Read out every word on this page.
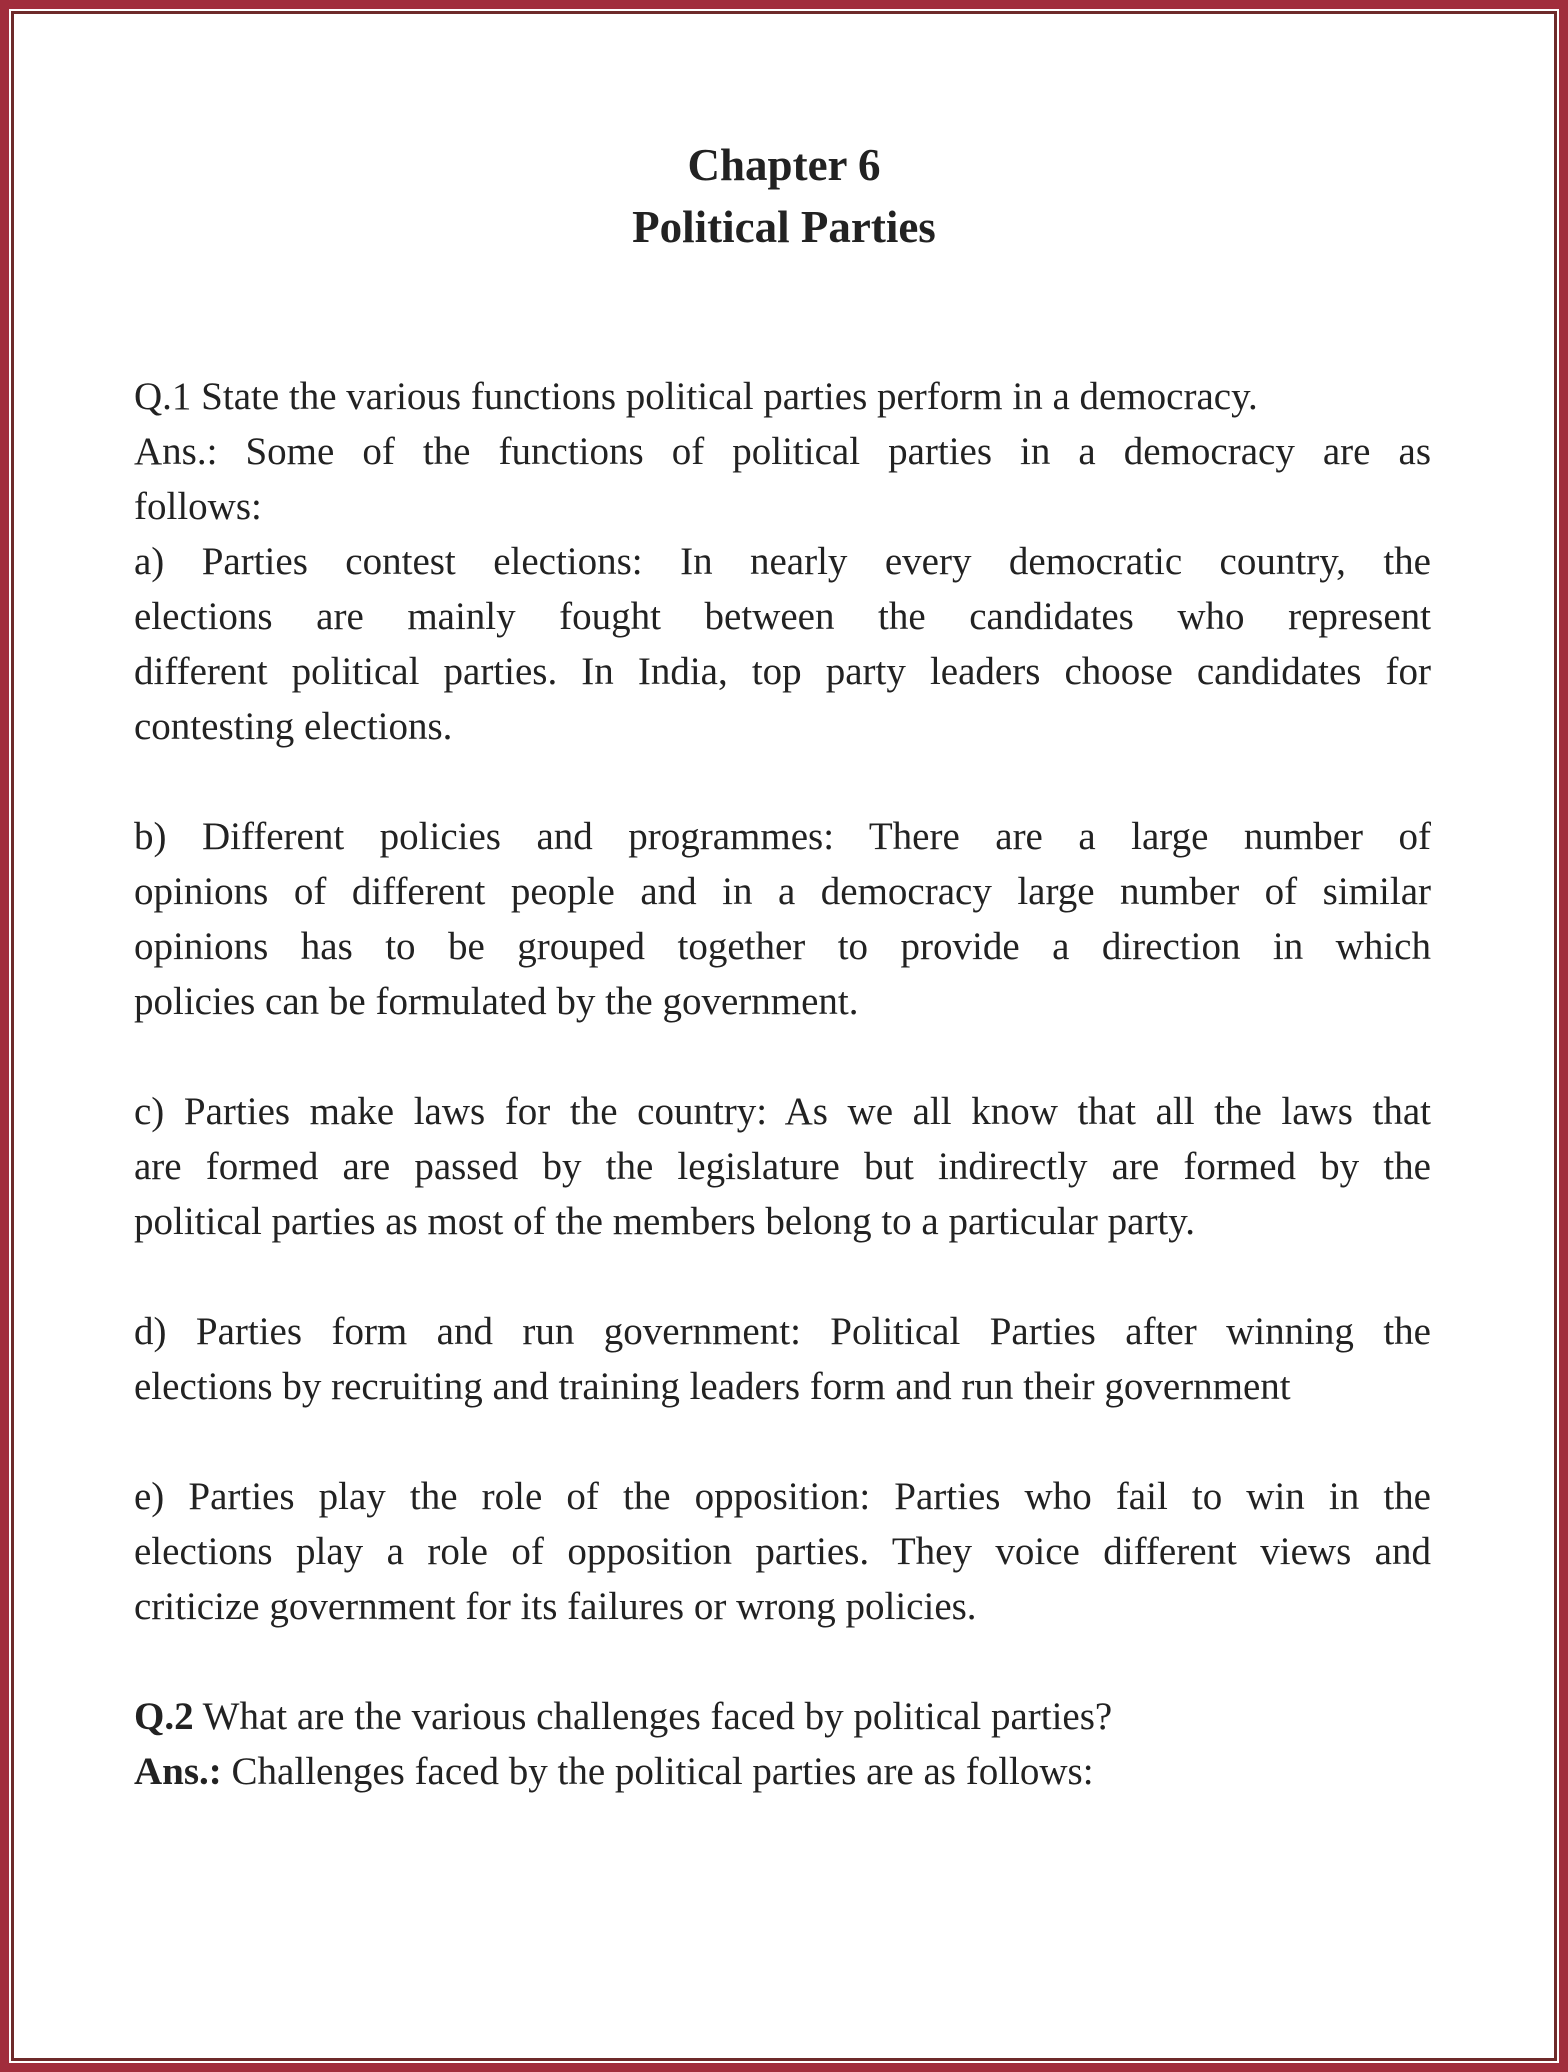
Chapter 6
Political Parties
Q.1 State the various functions political parties perform in a democracy.
Ans.: Some of the functions of political parties in a democracy are as
follows:
a) Parties contest elections: In nearly every democratic country, the
elections are mainly fought between the candidates who represent
different political parties. In India, top party leaders choose candidates for
contesting elections.
b) Different policies and programmes: There are a large number of
opinions of different people and in a democracy large number of similar
opinions has to be grouped together to provide a direction in which
policies can be formulated by the government.
c) Parties make laws for the country: As we all know that all the laws that
are formed are passed by the legislature but indirectly are formed by the
political parties as most of the members belong to a particular party.
d) Parties form and run government: Political Parties after winning the
elections by recruiting and training leaders form and run their government
e) Parties play the role of the opposition: Parties who fail to win in the
elections play a role of opposition parties. They voice different views and
criticize government for its failures or wrong policies.
Q.2 What are the various challenges faced by political parties?
Ans.: Challenges faced by the political parties are as follows:
